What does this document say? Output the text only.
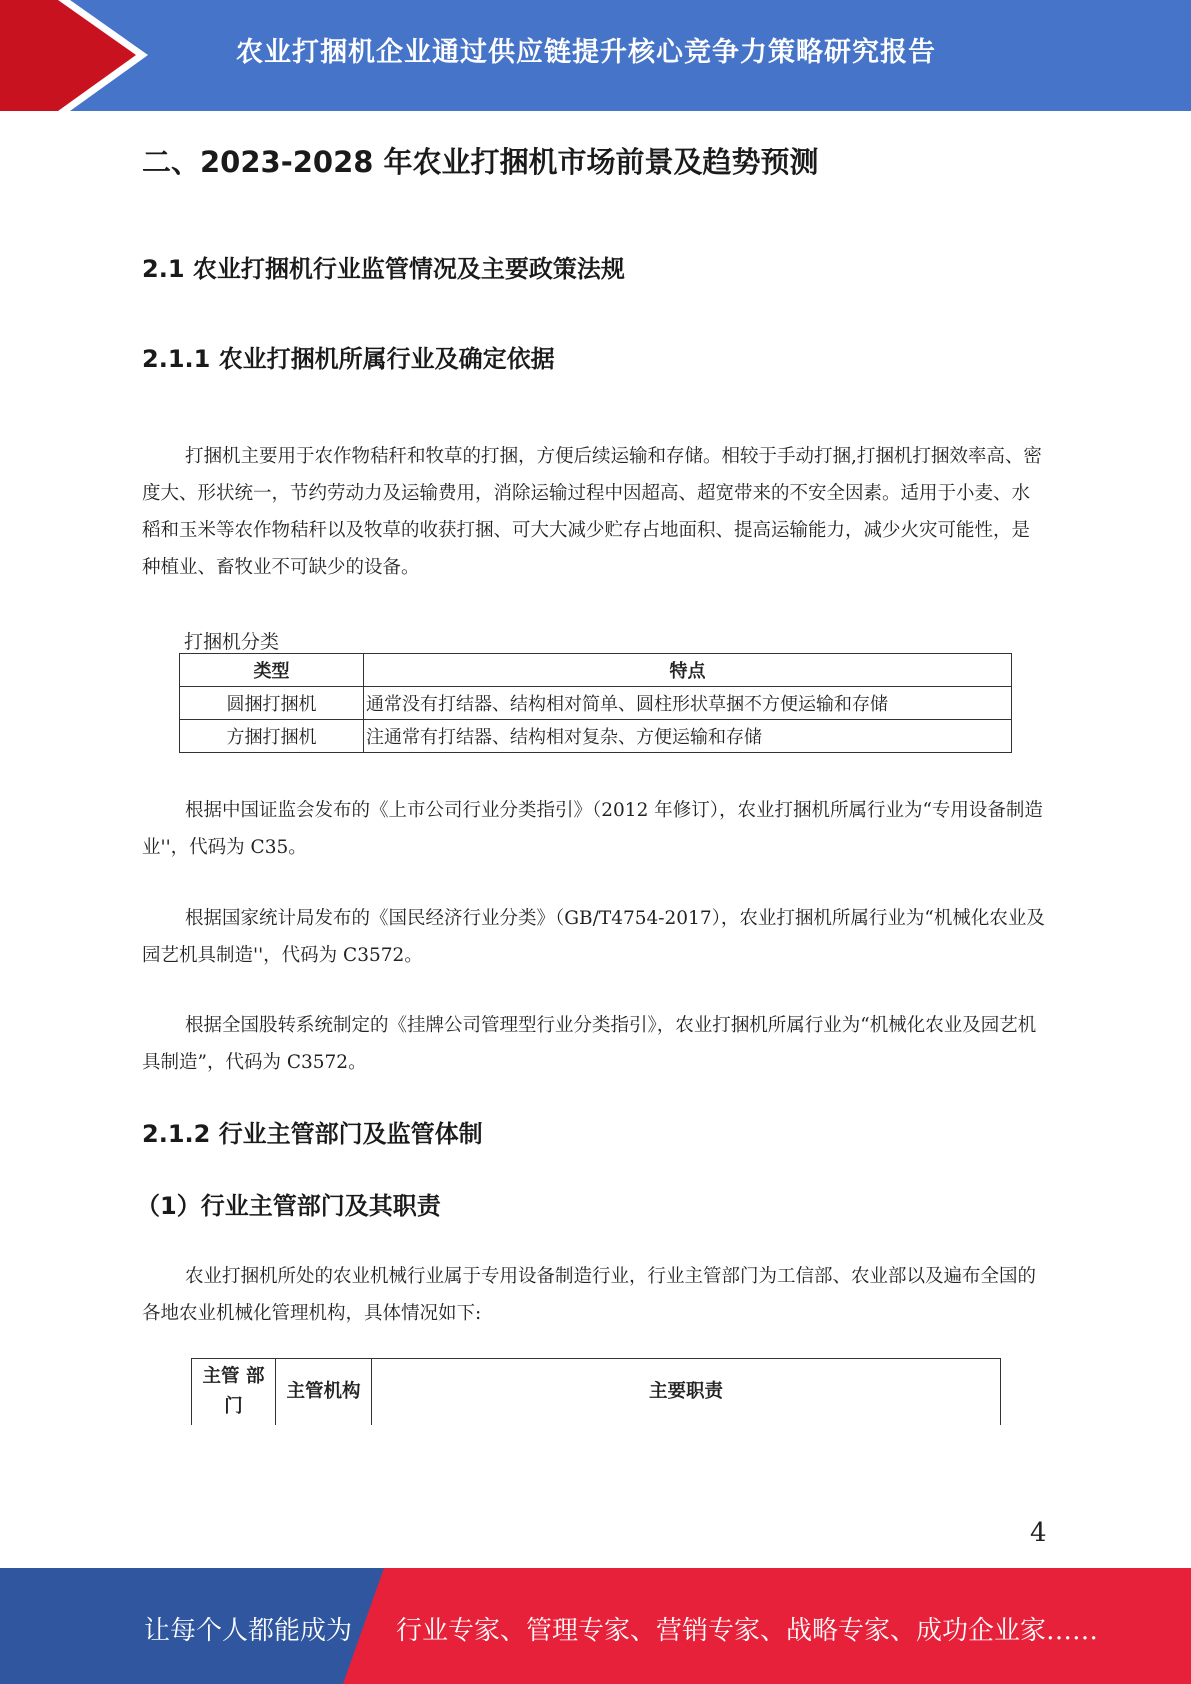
农业打捆机企业通过供应链提升核心竞争力策略研究报告
二、2023-2028 年农业打捆机市场前景及趋势预测
2.1 农业打捆机行业监管情况及主要政策法规
2.1.1 农业打捆机所属行业及确定依据
打捆机主要用于农作物秸秆和牧草的打捆，方便后续运输和存储。相较于手动打捆,打捆机打捆效率高、密度大、形状统一，节约劳动力及运输费用，消除运输过程中因超高、超宽带来的不安全因素。适用于小麦、水稻和玉米等农作物秸秆以及牧草的收获打捆、可大大减少贮存占地面积、提高运输能力，减少火灾可能性，是种植业、畜牧业不可缺少的设备。
打捆机分类
类型	特点
圆捆打捆机	通常没有打结器、结构相对简单、圆柱形状草捆不方便运输和存储
方捆打捆机	注通常有打结器、结构相对复杂、方便运输和存储
根据中国证监会发布的《上市公司行业分类指引》（2012 年修订），农业打捆机所属行业为“专用设备制造业''，代码为 C35。
根据国家统计局发布的《国民经济行业分类》（GB/T4754-2017），农业打捆机所属行业为“机械化农业及园艺机具制造''，代码为 C3572。
根据全国股转系统制定的《挂牌公司管理型行业分类指引》，农业打捆机所属行业为“机械化农业及园艺机具制造”，代码为 C3572。
2.1.2 行业主管部门及监管体制
（1）行业主管部门及其职责
农业打捆机所处的农业机械行业属于专用设备制造行业，行业主管部门为工信部、农业部以及遍布全国的各地农业机械化管理机构，具体情况如下:
主管 部门	主管机构	主要职责
4
让每个人都能成为 行业专家、管理专家、营销专家、战略专家、成功企业家……
